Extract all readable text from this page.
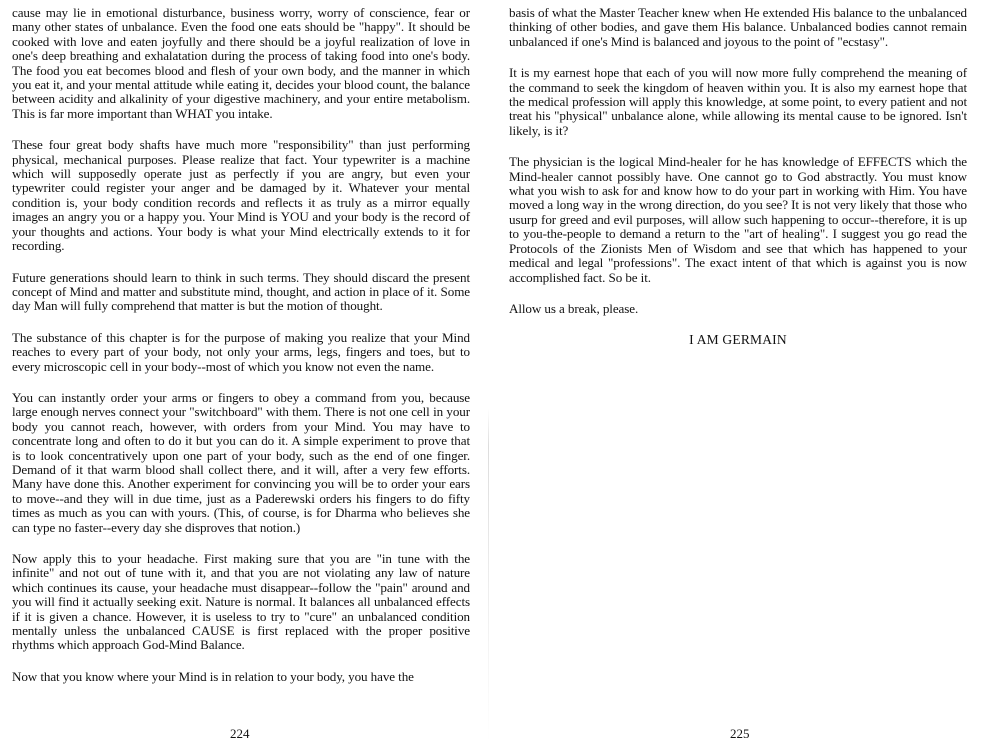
cause may lie in emotional disturbance, business worry, worry of conscience, fear or many other states of unbalance. Even the food one eats should be "happy". It should be cooked with love and eaten joyfully and there should be a joyful realization of love in one's deep breathing and exhalatation during the process of taking food into one's body. The food you eat becomes blood and flesh of your own body, and the manner in which you eat it, and your mental attitude while eating it, decides your blood count, the balance between acidity and alkalinity of your digestive machinery, and your entire metabolism. This is far more important than WHAT you intake.

These four great body shafts have much more "responsibility" than just performing physical, mechanical purposes. Please realize that fact. Your typewriter is a machine which will supposedly operate just as perfectly if you are angry, but even your typewriter could register your anger and be damaged by it. Whatever your mental condition is, your body condition records and reflects it as truly as a mirror equally images an angry you or a happy you. Your Mind is YOU and your body is the record of your thoughts and actions. Your body is what your Mind electrically extends to it for recording.

Future generations should learn to think in such terms. They should discard the present concept of Mind and matter and substitute mind, thought, and action in place of it. Some day Man will fully comprehend that matter is but the motion of thought.

The substance of this chapter is for the purpose of making you realize that your Mind reaches to every part of your body, not only your arms, legs, fingers and toes, but to every microscopic cell in your body--most of which you know not even the name.

You can instantly order your arms or fingers to obey a command from you, because large enough nerves connect your "switchboard" with them. There is not one cell in your body you cannot reach, however, with orders from your Mind. You may have to concentrate long and often to do it but you can do it. A simple experiment to prove that is to look concentratively upon one part of your body, such as the end of one finger. Demand of it that warm blood shall collect there, and it will, after a very few efforts. Many have done this. Another experiment for convincing you will be to order your ears to move--and they will in due time, just as a Paderewski orders his fingers to do fifty times as much as you can with yours. (This, of course, is for Dharma who believes she can type no faster--every day she disproves that notion.)

Now apply this to your headache. First making sure that you are "in tune with the infinite" and not out of tune with it, and that you are not violating any law of nature which continues its cause, your headache must disappear--follow the "pain" around and you will find it actually seeking exit. Nature is normal. It balances all unbalanced effects if it is given a chance. However, it is useless to try to "cure" an unbalanced condition mentally unless the unbalanced CAUSE is first replaced with the proper positive rhythms which approach God-Mind Balance.

Now that you know where your Mind is in relation to your body, you have the

basis of what the Master Teacher knew when He extended His balance to the unbalanced thinking of other bodies, and gave them His balance. Unbalanced bodies cannot remain unbalanced if one's Mind is balanced and joyous to the point of "ecstasy".

It is my earnest hope that each of you will now more fully comprehend the meaning of the command to seek the kingdom of heaven within you. It is also my earnest hope that the medical profession will apply this knowledge, at some point, to every patient and not treat his "physical" unbalance alone, while allowing its mental cause to be ignored. Isn't likely, is it?

The physician is the logical Mind-healer for he has knowledge of EFFECTS which the Mind-healer cannot possibly have. One cannot go to God abstractly. You must know what you wish to ask for and know how to do your part in working with Him. You have moved a long way in the wrong direction, do you see? It is not very likely that those who usurp for greed and evil purposes, will allow such happening to occur--therefore, it is up to you-the-people to demand a return to the "art of healing". I suggest you go read the Protocols of the Zionists Men of Wisdom and see that which has happened to your medical and legal "professions". The exact intent of that which is against you is now accomplished fact. So be it.

Allow us a break, please.

I AM GERMAIN

224	225
